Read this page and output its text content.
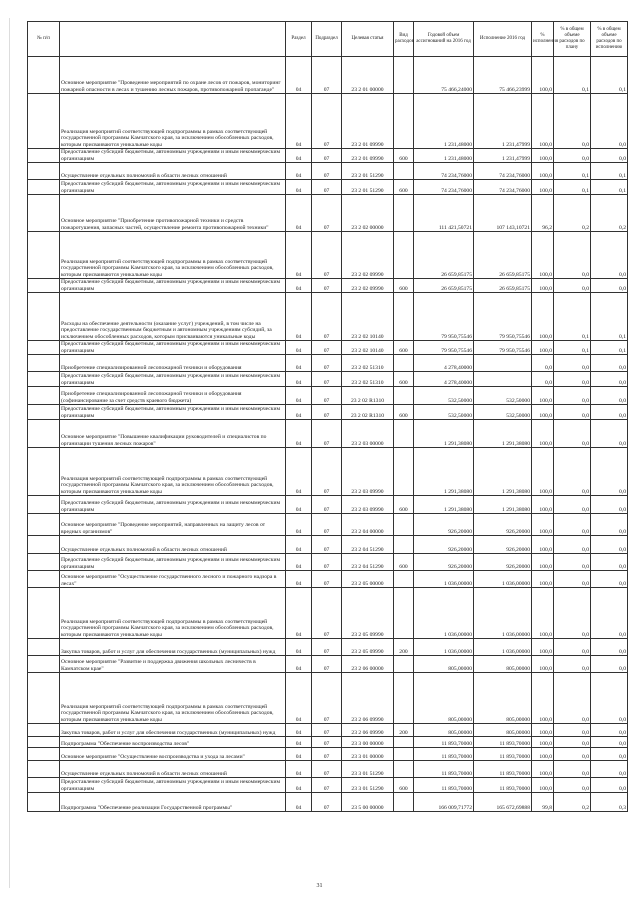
№ п/п		Раздел	Подраздел	Целевая статья	Вид расходов	Годовой объем ассигнований на 2016 год	Исполнение 2016 год	% исполнения	% в общем объеме расходов по плану	% в общем объеме расходов по исполнению
	Основное мероприятие "Проведение мероприятий по охране лесов от пожаров, мониторинг пожарной опасности в лесах и тушению лесных пожаров, противопожарной пропаганде"	04	07	23 2 01 00000		75 466,24000	75 466,23999	100,0	0,1	0,1
	Реализация мероприятий соответствующей подпрограммы в рамках соответствующей государственной программы Камчатского края, за исключением обособленных расходов, которым присваиваются уникальные коды	04	07	23 2 01 09990		1 231,48000	1 231,47999	100,0	0,0	0,0
	Предоставление субсидий бюджетным, автономным учреждениям и иным некоммерческим организациям	04	07	23 2 01 09990	600	1 231,48000	1 231,47999	100,0	0,0	0,0
	Осуществление отдельных полномочий в области лесных отношений	04	07	23 2 01 51290		74 234,76000	74 234,76000	100,0	0,1	0,1
	Предоставление субсидий бюджетным, автономным учреждениям и иным некоммерческим организациям	04	07	23 2 01 51290	600	74 234,76000	74 234,76000	100,0	0,1	0,1
	Основное мероприятие "Приобретение противопожарной техники и средств пожаротушения, запасных частей, осуществление ремонта противопожарной техники"	04	07	23 2 02 00000		111 421,50721	107 143,10721	96,2	0,2	0,2
	Реализация мероприятий соответствующей подпрограммы в рамках соответствующей государственной программы Камчатского края, за исключением обособленных расходов, которым присваиваются уникальные коды	04	07	23 2 02 09990		26 659,85175	26 659,85175	100,0	0,0	0,0
	Предоставление субсидий бюджетным, автономным учреждениям и иным некоммерческим организациям	04	07	23 2 02 09990	600	26 659,85175	26 659,85175	100,0	0,0	0,0
	Расходы на обеспечение деятельности (оказание услуг) учреждений, в том числе на предоставление государственным бюджетным и автономным учреждениям субсидий, за исключением обособленных расходов, которым присваиваются уникальные коды	04	07	23 2 02 10140		79 950,75546	79 950,75546	100,0	0,1	0,1
	Предоставление субсидий бюджетным, автономным учреждениям и иным некоммерческим организациям	04	07	23 2 02 10140	600	79 950,75546	79 950,75546	100,0	0,1	0,1
	Приобретение специализированной лесопожарной техники и оборудования	04	07	23 2 02 51310		4 278,40000		0,0	0,0	0,0
	Предоставление субсидий бюджетным, автономным учреждениям и иным некоммерческим организациям	04	07	23 2 02 51310	600	4 278,40000		0,0	0,0	0,0
	Приобретение специализированной лесопожарной техники и оборудования (софинансирование за счет средств краевого бюджета)	04	07	23 2 02 R1310		532,50000	532,50000	100,0	0,0	0,0
	Предоставление субсидий бюджетным, автономным учреждениям и иным некоммерческим организациям	04	07	23 2 02 R1310	600	532,50000	532,50000	100,0	0,0	0,0
	Основное мероприятие "Повышение квалификации руководителей и специалистов по организации тушения лесных пожаров"	04	07	23 2 03 00000		1 291,38080	1 291,38080	100,0	0,0	0,0
	Реализация мероприятий соответствующей подпрограммы в рамках соответствующей государственной программы Камчатского края, за исключением обособленных расходов, которым присваиваются уникальные коды	04	07	23 2 03 09990		1 291,38080	1 291,38080	100,0	0,0	0,0
	Предоставление субсидий бюджетным, автономным учреждениям и иным некоммерческим организациям	04	07	23 2 03 09990	600	1 291,38080	1 291,38080	100,0	0,0	0,0
	Основное мероприятие "Проведение мероприятий, направленных на защиту лесов от вредных организмов"	04	07	23 2 04 00000		926,20000	926,20000	100,0	0,0	0,0
	Осуществление отдельных полномочий в области лесных отношений	04	07	23 2 04 51290		926,20000	926,20000	100,0	0,0	0,0
	Предоставление субсидий бюджетным, автономным учреждениям и иным некоммерческим организациям	04	07	23 2 04 51290	600	926,20000	926,20000	100,0	0,0	0,0
	Основное мероприятие "Осуществление государственного лесного и пожарного надзора в лесах"	04	07	23 2 05 00000		1 036,00000	1 036,00000	100,0	0,0	0,0
	Реализация мероприятий соответствующей подпрограммы в рамках соответствующей государственной программы Камчатского края, за исключением обособленных расходов, которым присваиваются уникальные коды	04	07	23 2 05 09990		1 036,00000	1 036,00000	100,0	0,0	0,0
	Закупка товаров, работ и услуг для обеспечения государственных (муниципальных) нужд	04	07	23 2 05 09990	200	1 036,00000	1 036,00000	100,0	0,0	0,0
	Основное мероприятие "Развитие и поддержка движения школьных лесничеств в Камчатском крае"	04	07	23 2 06 00000		805,00000	805,00000	100,0	0,0	0,0
	Реализация мероприятий соответствующей подпрограммы в рамках соответствующей государственной программы Камчатского края, за исключением обособленных расходов, которым присваиваются уникальные коды	04	07	23 2 06 09990		805,00000	805,00000	100,0	0,0	0,0
	Закупка товаров, работ и услуг для обеспечения государственных (муниципальных) нужд	04	07	23 2 06 09990	200	805,00000	805,00000	100,0	0,0	0,0
	Подпрограмма "Обеспечение воспроизводства лесов"	04	07	23 3 00 00000		11 893,70000	11 893,70000	100,0	0,0	0,0
	Основное мероприятие "Осуществление воспроизводства и ухода за лесами"	04	07	23 3 01 00000		11 893,70000	11 893,70000	100,0	0,0	0,0
	Осуществление отдельных полномочий в области лесных отношений	04	07	23 3 01 51290		11 893,70000	11 893,70000	100,0	0,0	0,0
	Предоставление субсидий бюджетным, автономным учреждениям и иным некоммерческим организациям	04	07	23 3 01 51290	600	11 893,70000	11 893,70000	100,0	0,0	0,0
	Подпрограмма "Обеспечение реализации Государственной программы"	04	07	23 5 00 00000		166 009,71772	165 672,69888	99,8	0,2	0,3
31
